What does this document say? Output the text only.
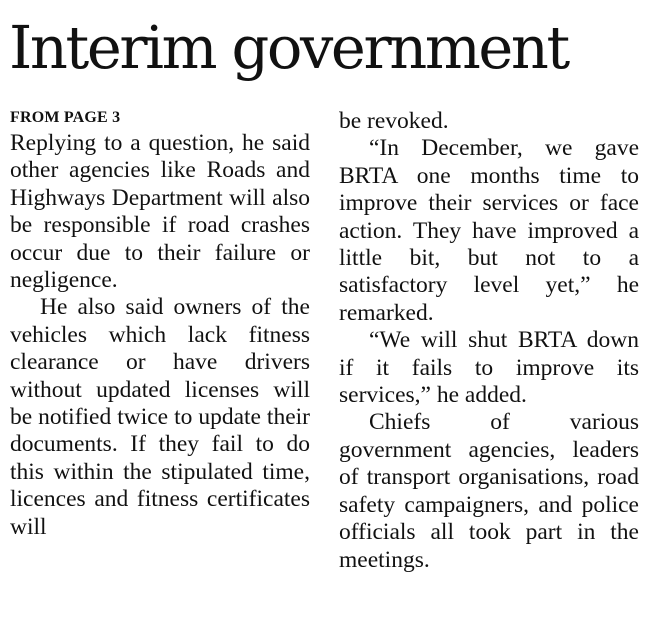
Interim government
FROM PAGE 3

Replying to a question, he said other agencies like Roads and Highways Department will also be responsible if road crashes occur due to their failure or negligence.

He also said owners of the vehicles which lack fitness clearance or have drivers without updated licenses will be notified twice to update their documents. If they fail to do this within the stipulated time, licences and fitness certificates will

be revoked.

“In December, we gave BRTA one months time to improve their services or face action. They have improved a little bit, but not to a satisfactory level yet,” he remarked.

“We will shut BRTA down if it fails to improve its services,” he added.

Chiefs of various government agencies, leaders of transport organisations, road safety campaigners, and police officials all took part in the meetings.
